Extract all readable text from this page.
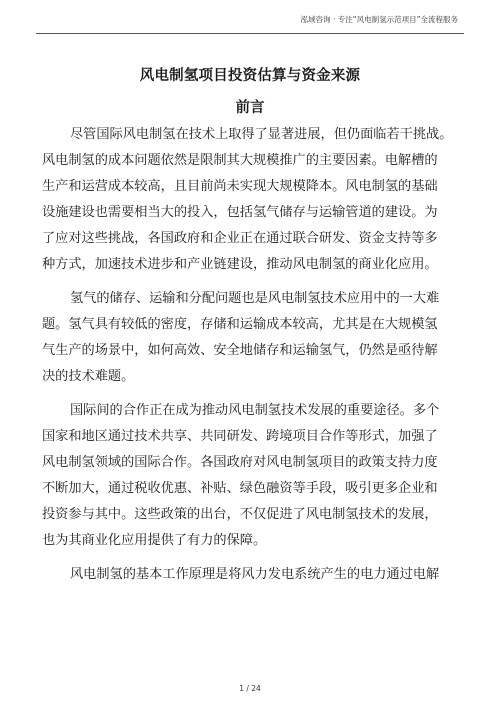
泓域咨询 · 专注“风电制氢示范项目”全流程服务
风电制氢项目投资估算与资金来源
前言
尽管国际风电制氢在技术上取得了显著进展，但仍面临若干挑战。
风电制氢的成本问题依然是限制其大规模推广的主要因素。电解槽的
生产和运营成本较高，且目前尚未实现大规模降本。风电制氢的基础
设施建设也需要相当大的投入，包括氢气储存与运输管道的建设。为
了应对这些挑战，各国政府和企业正在通过联合研发、资金支持等多
种方式，加速技术进步和产业链建设，推动风电制氢的商业化应用。
氢气的储存、运输和分配问题也是风电制氢技术应用中的一大难
题。氢气具有较低的密度，存储和运输成本较高，尤其是在大规模氢
气生产的场景中，如何高效、安全地储存和运输氢气，仍然是亟待解
决的技术难题。
国际间的合作正在成为推动风电制氢技术发展的重要途径。多个
国家和地区通过技术共享、共同研发、跨境项目合作等形式，加强了
风电制氢领域的国际合作。各国政府对风电制氢项目的政策支持力度
不断加大，通过税收优惠、补贴、绿色融资等手段，吸引更多企业和
投资参与其中。这些政策的出台，不仅促进了风电制氢技术的发展，
也为其商业化应用提供了有力的保障。
风电制氢的基本工作原理是将风力发电系统产生的电力通过电解
1 / 24
